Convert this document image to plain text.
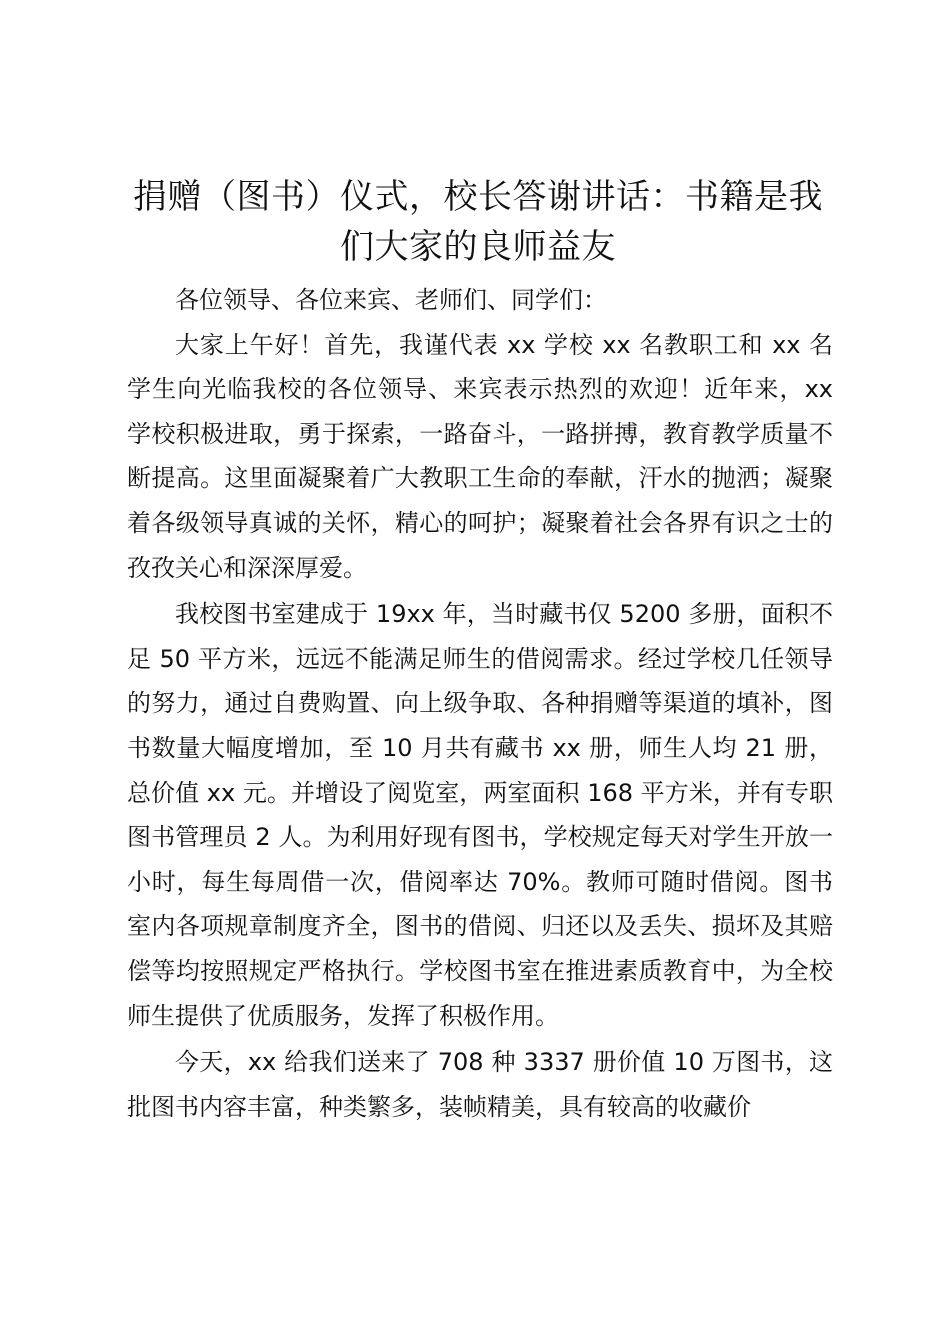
捐赠（图书）仪式，校长答谢讲话：书籍是我们大家的良师益友

各位领导、各位来宾、老师们、同学们：

大家上午好！首先，我谨代表 xx 学校 xx 名教职工和 xx 名学生向光临我校的各位领导、来宾表示热烈的欢迎！近年来，xx 学校积极进取，勇于探索，一路奋斗，一路拼搏，教育教学质量不断提高。这里面凝聚着广大教职工生命的奉献，汗水的抛洒；凝聚着各级领导真诚的关怀，精心的呵护；凝聚着社会各界有识之士的孜孜关心和深深厚爱。

我校图书室建成于 19xx 年，当时藏书仅 5200 多册，面积不足 50 平方米，远远不能满足师生的借阅需求。经过学校几任领导的努力，通过自费购置、向上级争取、各种捐赠等渠道的填补，图书数量大幅度增加，至 10 月共有藏书 xx 册，师生人均 21 册，总价值 xx 元。并增设了阅览室，两室面积 168 平方米，并有专职图书管理员 2 人。为利用好现有图书，学校规定每天对学生开放一小时，每生每周借一次，借阅率达 70%。教师可随时借阅。图书室内各项规章制度齐全，图书的借阅、归还以及丢失、损坏及其赔偿等均按照规定严格执行。学校图书室在推进素质教育中，为全校师生提供了优质服务，发挥了积极作用。

今天，xx 给我们送来了 708 种 3337 册价值 10 万图书，这批图书内容丰富，种类繁多，装帧精美，具有较高的收藏价
